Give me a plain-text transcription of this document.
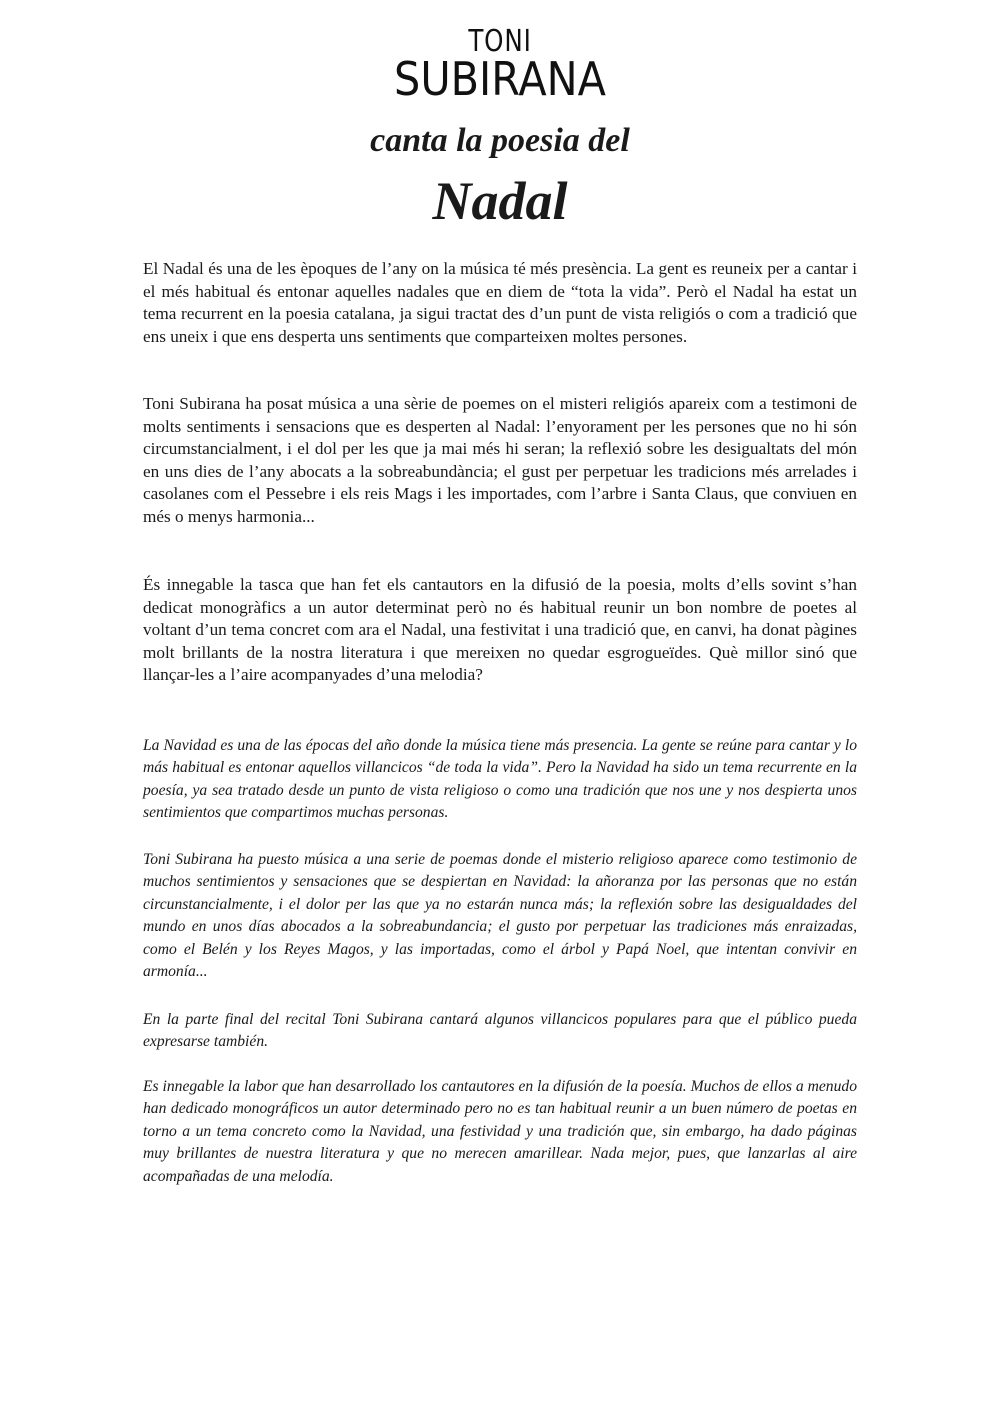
TONI
SUBIRANA
canta la poesia del
Nadal

El Nadal és una de les èpoques de l’any on la música té més presència. La gent es reuneix per a cantar i el més habitual és entonar aquelles nadales que en diem de “tota la vida”. Però el Nadal ha estat un tema recurrent en la poesia catalana, ja sigui tractat des d’un punt de vista religiós o com a tradició que ens uneix i que ens desperta uns sentiments que comparteixen moltes persones.

Toni Subirana ha posat música a una sèrie de poemes on el misteri religiós apareix com a testimoni de molts sentiments i sensacions que es desperten al Nadal: l’enyorament per les persones que no hi són circumstancialment, i el dol per les que ja mai més hi seran; la reflexió sobre les desigualtats del món en uns dies de l’any abocats a la sobreabundància; el gust per perpetuar les tradicions més arrelades i casolanes com el Pessebre i els reis Mags i les importades, com l’arbre i Santa Claus, que conviuen en més o menys harmonia...

És innegable la tasca que han fet els cantautors en la difusió de la poesia, molts d’ells sovint s’han dedicat monogràfics a un autor determinat però no és habitual reunir un bon nombre de poetes al voltant d’un tema concret com ara el Nadal, una festivitat i una tradició que, en canvi, ha donat pàgines molt brillants de la nostra literatura i que mereixen no quedar esgrogueïdes. Què millor sinó que llançar-les a l’aire acompanyades d’una melodia?

La Navidad es una de las épocas del año donde la música tiene más presencia. La gente se reúne para cantar y lo más habitual es entonar aquellos villancicos “de toda la vida”. Pero la Navidad ha sido un tema recurrente en la poesía, ya sea tratado desde un punto de vista religioso o como una tradición que nos une y nos despierta unos sentimientos que compartimos muchas personas.

Toni Subirana ha puesto música a una serie de poemas donde el misterio religioso aparece como testimonio de muchos sentimientos y sensaciones que se despiertan en Navidad: la añoranza por las personas que no están circunstancialmente, i el dolor per las que ya no estarán nunca más; la reflexión sobre las desigualdades del mundo en unos días abocados a la sobreabundancia; el gusto por perpetuar las tradiciones más enraizadas, como el Belén y los Reyes Magos, y las importadas, como el árbol y Papá Noel, que intentan convivir en armonía...

En la parte final del recital Toni Subirana cantará algunos villancicos populares para que el público pueda expresarse también.

Es innegable la labor que han desarrollado los cantautores en la difusión de la poesía. Muchos de ellos a menudo han dedicado monográficos un autor determinado pero no es tan habitual reunir a un buen número de poetas en torno a un tema concreto como la Navidad, una festividad y una tradición que, sin embargo, ha dado páginas muy brillantes de nuestra literatura y que no merecen amarillear. Nada mejor, pues, que lanzarlas al aire acompañadas de una melodía.
